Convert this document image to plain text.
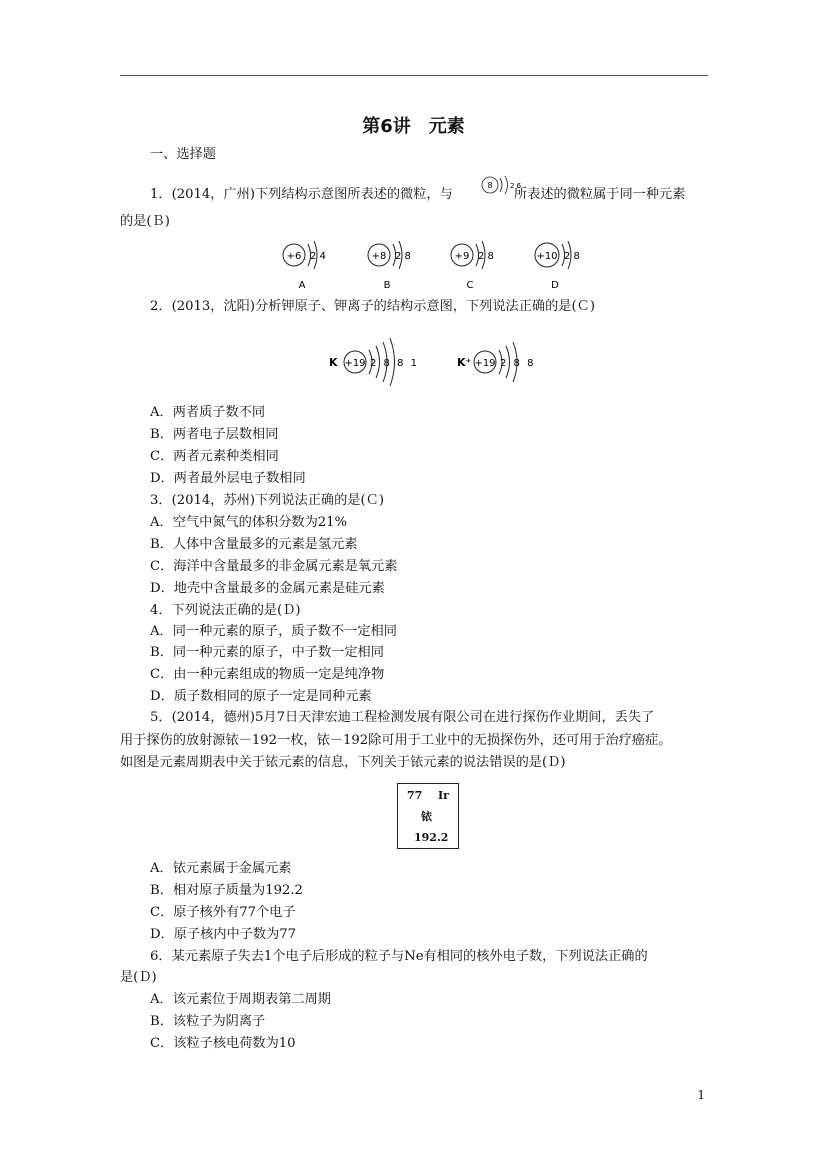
第6讲　元素
一、选择题
1．(2014，广州)下列结构示意图所表述的微粒，与
8 2 6
所表述的微粒属于同一种元素
的是(Ｂ)
+6 2 4
A
+8 2 8
B
+9 2 8
C
+10 2 8
D
2．(2013，沈阳)分析钾原子、钾离子的结构示意图，下列说法正确的是(Ｃ)
K +19 2 8 8 1	K⁺ +19 2 8 8
A．两者质子数不同
B．两者电子层数相同
C．两者元素种类相同
D．两者最外层电子数相同
3．(2014，苏州)下列说法正确的是(Ｃ)
A．空气中氮气的体积分数为21%
B．人体中含量最多的元素是氢元素
C．海洋中含量最多的非金属元素是氧元素
D．地壳中含量最多的金属元素是硅元素
4．下列说法正确的是(Ｄ)
A．同一种元素的原子，质子数不一定相同
B．同一种元素的原子，中子数一定相同
C．由一种元素组成的物质一定是纯净物
D．质子数相同的原子一定是同种元素
5．(2014，德州)5月7日天津宏迪工程检测发展有限公司在进行探伤作业期间，丢失了
用于探伤的放射源铱－192一枚，铱－192除可用于工业中的无损探伤外，还可用于治疗癌症。
如图是元素周期表中关于铱元素的信息，下列关于铱元素的说法错误的是(Ｄ)
77 Ir
铱
192.2
A．铱元素属于金属元素
B．相对原子质量为192.2
C．原子核外有77个电子
D．原子核内中子数为77
6．某元素原子失去1个电子后形成的粒子与Ne有相同的核外电子数，下列说法正确的
是(Ｄ)
A．该元素位于周期表第二周期
B．该粒子为阴离子
C．该粒子核电荷数为10
1
